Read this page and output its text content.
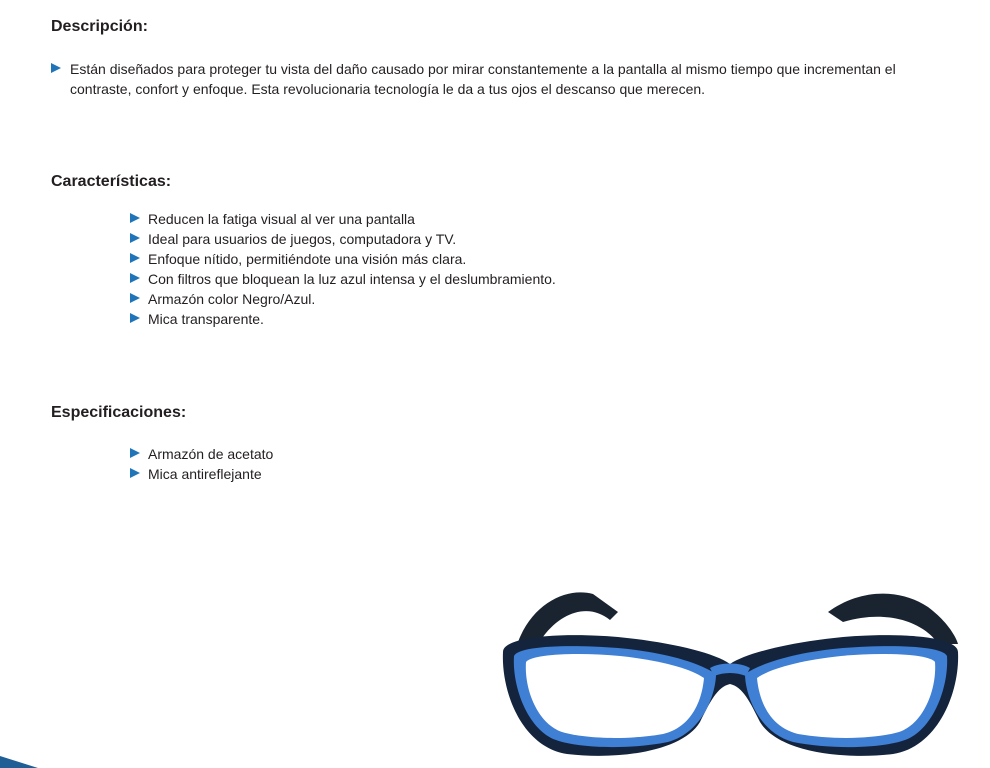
Descripción:
Están diseñados para proteger tu vista del daño causado por mirar constantemente a la pantalla al mismo tiempo que incrementan el contraste, confort y enfoque. Esta revolucionaria tecnología le da a tus ojos el descanso que merecen.
Características:
Reducen la fatiga visual al ver una pantalla
Ideal para usuarios de juegos, computadora y TV.
Enfoque nítido, permitiéndote una visión más clara.
Con filtros que bloquean la luz azul intensa y el deslumbramiento.
Armazón color Negro/Azul.
Mica transparente.
Especificaciones:
Armazón de acetato
Mica antireflejante
